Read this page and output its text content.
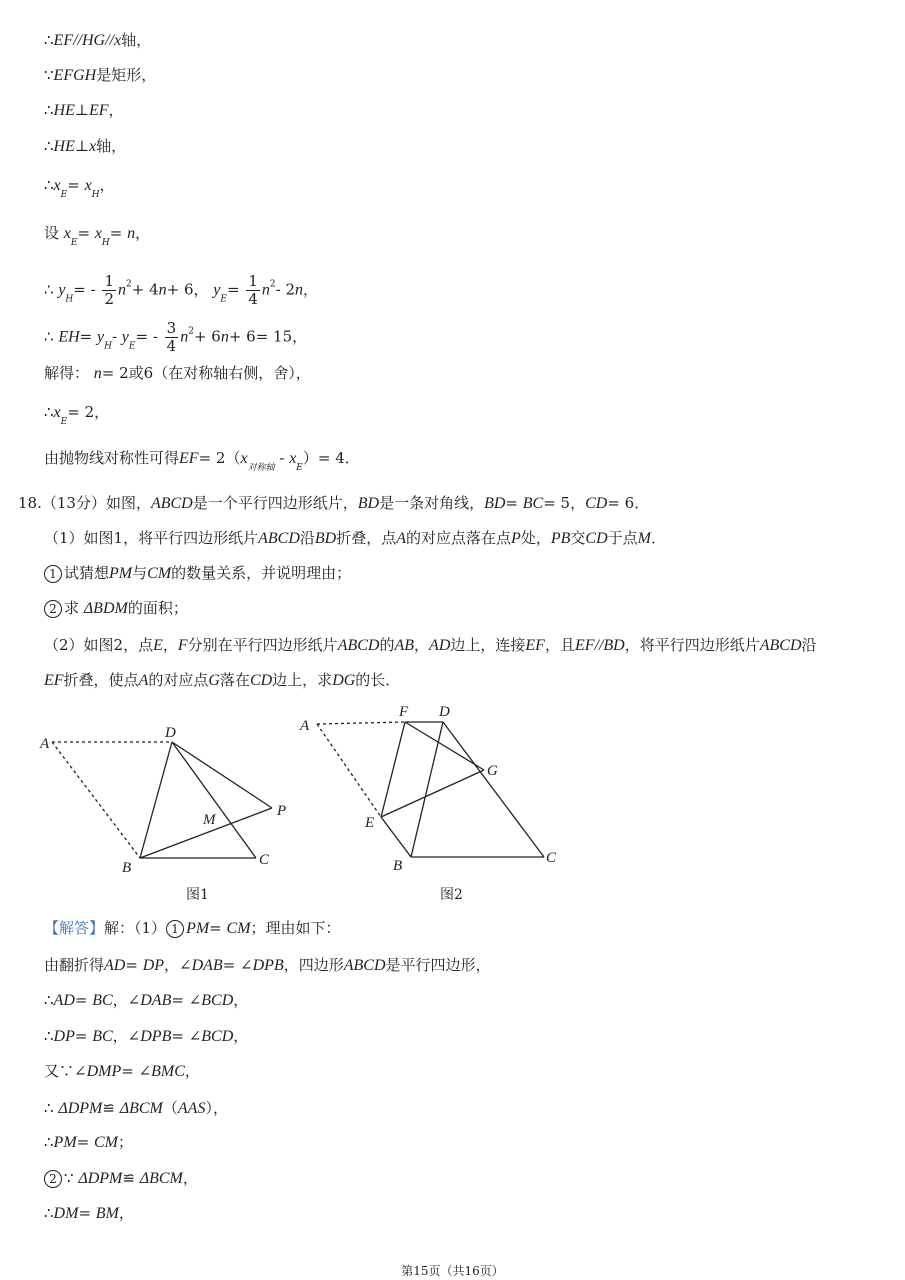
∴EF//HG//x轴，
∵EFGH是矩形，
∴HE⊥EF，
∴HE⊥x轴，
$\therefore x_E= x_H$，
设 $x_E= x_H= n$，
∴ $y_H= - \frac{1}{2} n^2+ 4n+ 6$， $y_E= \frac{1}{4} n^2-$ 2n，
∴ $EH= y_H-$ $y_E= - \frac{3}{4} n^2+ 6n+ 6= 15$，
解得： n= 2或6（在对称轴右侧，舍），
$\therefore x_E= 2$，
由抛物线对称性可得$EF= 2(x_{对称轴} - x_E)= 4$．
18.（13分）如图，ABCD是一个平行四边形纸片，BD是一条对角线，BD= BC= 5，CD= 6．
（1）如图1，将平行四边形纸片ABCD沿BD折叠，点A的对应点落在点P处，PB交CD于点M．
1 试猜想PM与CM的数量关系，并说明理由；
2 求 ΔBDM的面积；
（2）如图2，点E，F分别在平行四边形纸片ABCD的AB，AD边上，连接EF，且EF//BD，将平行四边形纸片ABCD沿
EF折叠，使点A的对应点G落在CD边上，求DG的长．
【解答】解：（1） 1 PM= CM；理由如下：
由翻折得AD= DP，∠DAB= ∠DPB，四边形ABCD是平行四边形，
∴AD= BC，∠DAB= ∠BCD，
∴DP= BC，∠DPB= ∠BCD，
又∵∠DMP= ∠BMC，
∴ ΔDPM≌ ΔBCM（AAS），
∴PM= CM；
2 ∵ ΔDPM≌ ΔBCM，
∴DM= BM，
A
D
B	C
P
M
A
F D
G
E
B	C
图1	图2
第15页（共16页）
